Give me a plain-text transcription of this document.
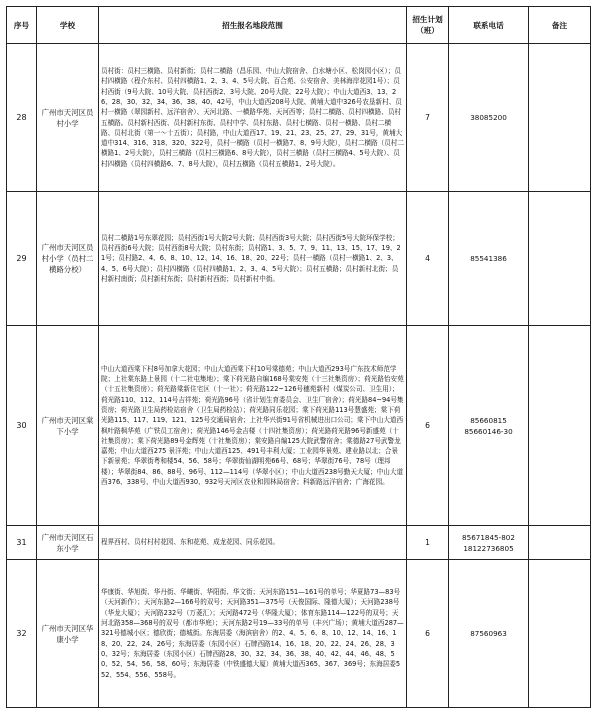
序号	学校	招生报名地段范围	招生计划（班）	联系电话	备注
28	广州市天河区员村小学	员村街：员村三横路、员村新街；员村二横路（昌乐园、中山大院宿舍、白水塘小区、松岗园小区）；员村四横路（程介东村、员村四横路1、2、3、4、5号大院、百合苑、公安宿舍、美林海岸花园1号）；员村西街（9号大院、10号大院、员村西街2、3号大院、20号大院、22号大院）；中山大道西3、13、26、28、30、32、34、36、38、40、42号，中山大道西208号大院、黄埔大道中326号农垦新村、员村一横路（翠园新村、远洋宿舍）、天河北路、一横路华苑、天河西等；员村二横路、员村四横路、员村五横路。员村新村西街、员村新村东街、员村中学、员村东路、员村七横路、员村一横路、员村二横路、员村北街（第一～十五街）；员村路，中山大道西17、19、21、23、25、27、29、31号，黄埔大道中314、316、318、320、322号，员村一横路（员村一横路7、8、9号大院），员村二横路（员村二横路1、2号大院），员村三横路（员村三横路6、8号大院），员村三横路（员村三横路4、5号大院）、员村四横路（员村四横路6、7、8号大院），员村五横路（员村五横路1、2号大院）。	7	38085200	

29	广州市天河区员村小学（员村二横路分校）	员村二横路1号东翠花园；员村西街1号大院2号大院；员村西街3号大院；员村西街5号大院环保学校；员村西街6号大院；员村西街8号大院；员村东街；员村路1、3、5、7、9、11、13、15、17、19、21号；员村路2、4、6、8、10、12、14、16、18、20、22号；员村一横路（员村一横路1、2、3、4、5、6号大院）；员村四横路（员村四横路1、2、3、4、5号大院）；员村五横路；员村新村北街；员村新村南街；员村新村东街；员村新村西街；员村新村中街。	4	85541386	

30	广州市天河区棠下小学	中山大道西棠下村8号加拿大花园；中山大道西棠下村10号棠德苑；中山大道西293号广东技术师范学院；上社棠东路上景园（十二社屯集地）；棠下荷光路自编168号棠安苑（十三社集资房）；荷光路怡安苑（十五社集资房）；荷光路棠新住宅区（十一社）；荷光路122~126号穗苑新村（煤炭公司、卫生用）；荷光路110、112、114号吉祥苑；荷光路96号（省计划生育委员会、卫生厂宿舍）；荷光路84~94号集资房；荷光路卫生局药检站宿舍（卫生局药检站）；荷光路同乐花园；棠下荷光路113号慧盛苑；棠下荷光路115、117、119、121、125号交通局宿舍；上社华兴街91号省机械进出口公司；棠下中山大道西枫叶路枫华苑（广铁员工宿舍）；荷光路146号金吉楼（十四社集资房）；荷光路荷光路96号新盛苑（十社集资房）；棠下荷光路89号金辉苑（十社集资房）；棠安路自编125大院武警宿舍；棠德路27号武警龙嘉苑；中山大道西275 景洋苑；中山大道西125、491号丰利大厦；工业园华景苑、建业路以北；合景下新景苑；华翠街粤和楼54、56、58号；华翠街仙湖明苑66号、68号；华翠街76号、78号（理邦楼）；华翠街84、86、88号、96号、112—114号（华翠小区）；中山大道西238号勤天大厦；中山大道西376、338号、中山大道西930、932号天河区农业和园林局宿舍；科新路远洋宿舍；广海花园。	6	85660815
85660146-30	

31	广州市天河区石东小学	程界西村、员村村村花园、东和花苑、成龙花园、同乐花园。	1	85671845-802
18122736805	

32	广州市天河区华康小学	华康街、华旭街、华丹街、华曦街、华阳街、华文街；天河东路151—161号的单号；华夏路73—83号（天河新作）；天河东路2—166号的双号；天河路351—375号（天俊国际、隆德大厦）；天河路238号（华龙大厦）；天河路232号（万菱汇）；天河路472号（华隆大厦）；体育东路114—122号的双号；天河北路358—368号的双号（都市华庭）；天河东路2号19—33号的单号（丰兴广场）；黄埔大道西287—321号德城小区；德欣街；德城街。东海居委（海滨宿舍）的2、4、5、6、8、10、12、14、16、18、20、22、24、26号；东海居委（东园小区）石牌西路14、16、18、20、22、24、26、28、30、32号；东海居委（东园小区）石牌西路28、30、32、34、36、38、40、42、44、46、48、50、52、54、56、58、60号；东海居委（中铁盛德大厦）黄埔大道西365、367、369号；东海居委552、554、556、558号。	6	87560963	
